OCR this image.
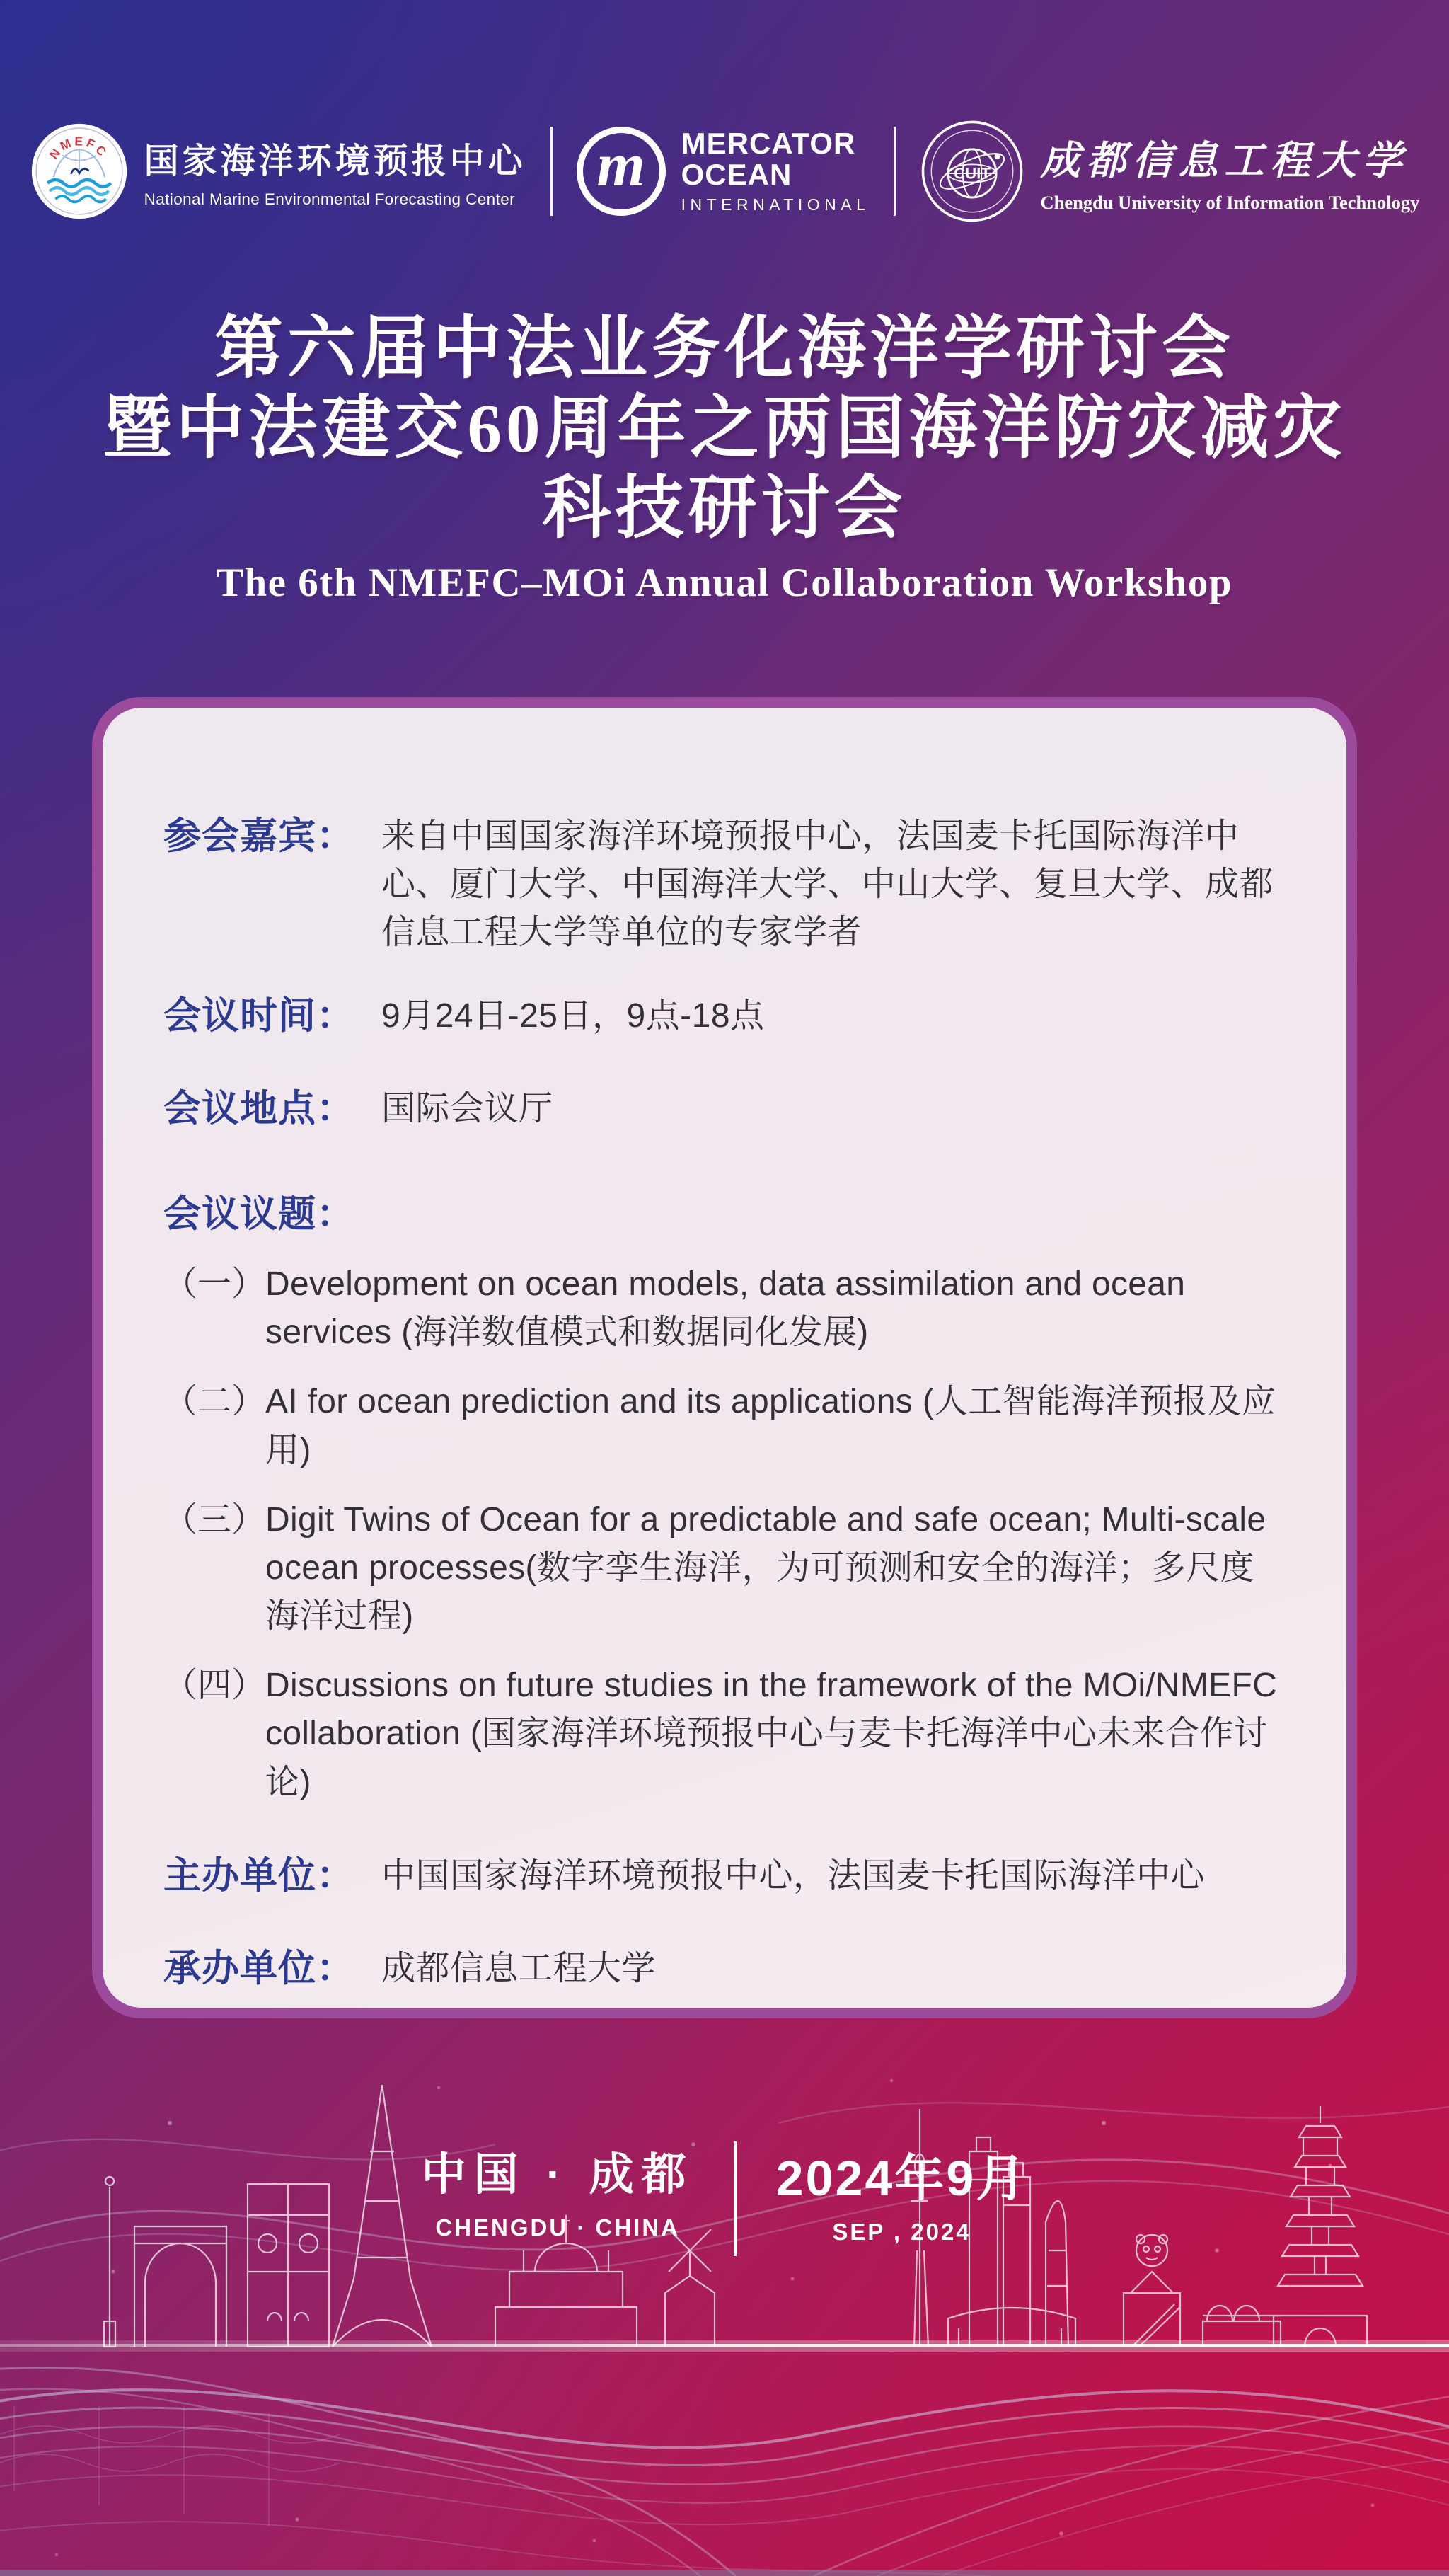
NMEFC 国家海洋环境预报中心
National Marine Environmental Forecasting Center m MERCATOR
OCEAN
INTERNATIONAL
CUIT 成都信息工程大学
Chengdu University of Information Technology
第六届中法业务化海洋学研讨会
暨中法建交60周年之两国海洋防灾减灾
科技研讨会
The 6th NMEFC–MOi Annual Collaboration Workshop
参会嘉宾： 来自中国国家海洋环境预报中心，法国麦卡托国际海洋中心、厦门大学、中国海洋大学、中山大学、复旦大学、成都信息工程大学等单位的专家学者
会议时间： 9月24日-25日，9点-18点
会议地点： 国际会议厅
会议议题：
（一） Development on ocean models, data assimilation and ocean services (海洋数值模式和数据同化发展)
（二） AI for ocean prediction and its applications (人工智能海洋预报及应用)
（三） Digit Twins of Ocean for a predictable and safe ocean; Multi-scale ocean processes(数字孪生海洋，为可预测和安全的海洋；多尺度海洋过程)
（四） Discussions on future studies in the framework of the MOi/NMEFC collaboration (国家海洋环境预报中心与麦卡托海洋中心未来合作讨论)
主办单位： 中国国家海洋环境预报中心，法国麦卡托国际海洋中心
承办单位： 成都信息工程大学
中国 · 成都
CHENGDU · CHINA
2024年9月
SEP , 2024
